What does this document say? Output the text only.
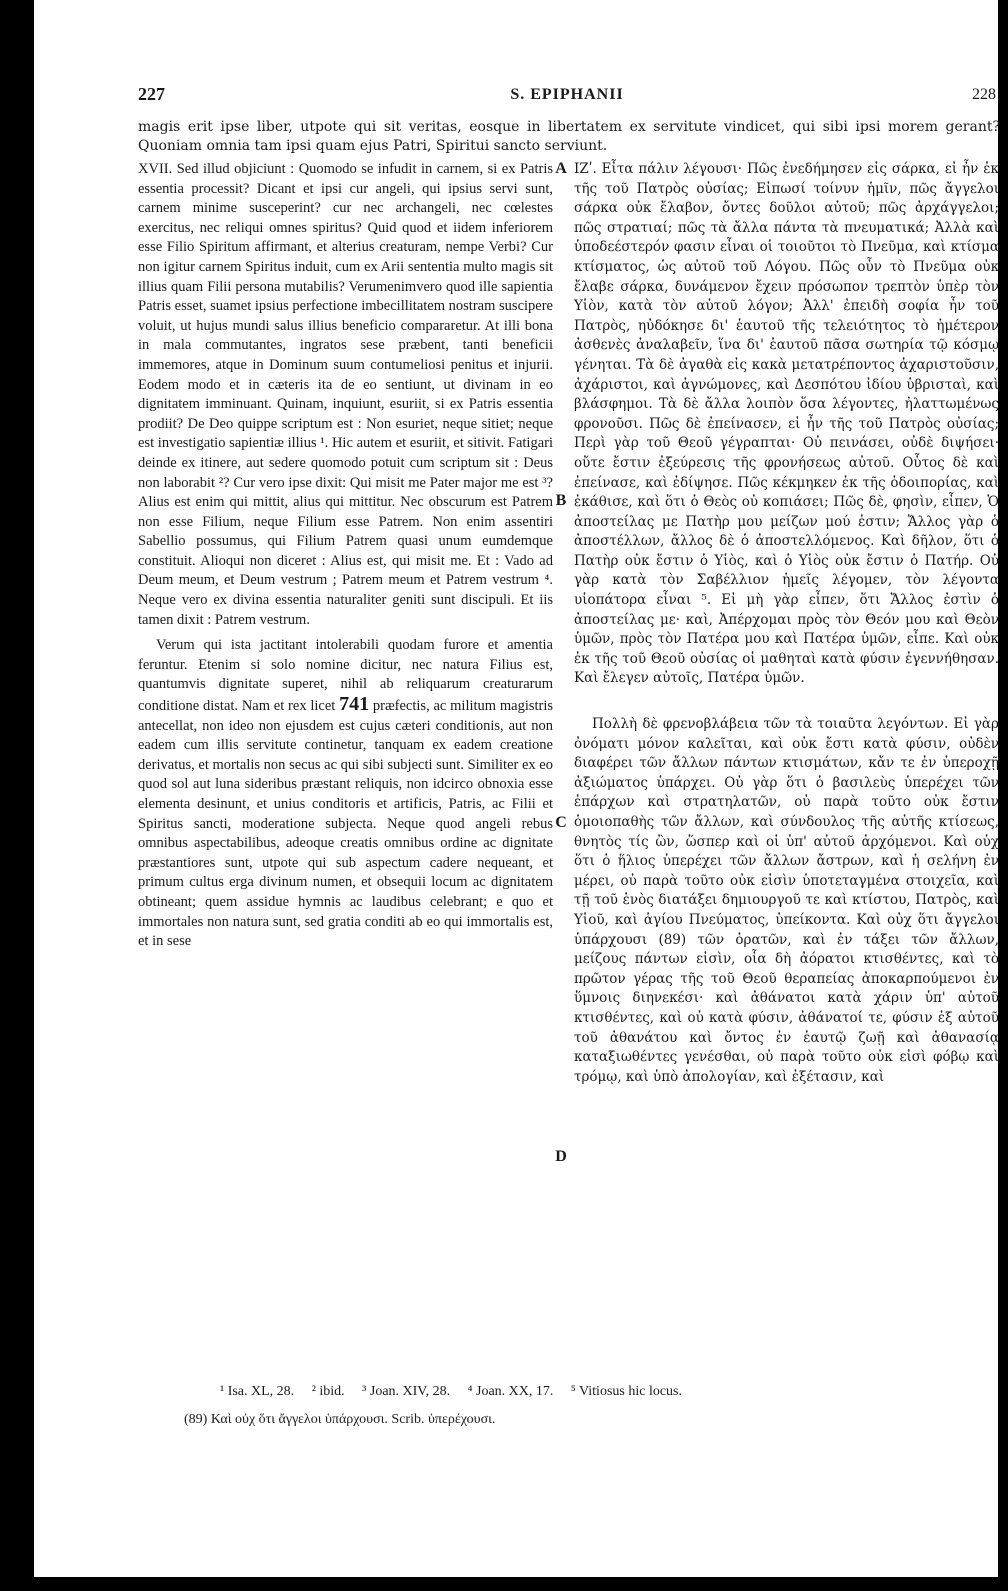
227	S. EPIPHANII	228
magis erit ipse liber, utpote qui sit veritas, eosque in libertatem ex servitute vindicet, qui sibi ipsi morem gerant? Quoniam omnia tam ipsi quam ejus Patri, Spiritui sancto serviunt.

XVII. Sed illud objiciunt : Quomodo se infudit in carnem, si ex Patris essentia processit? Dicant et ipsi cur angeli, qui ipsius servi sunt, carnem minime susceperint? cur nec archangeli, nec cœlestes exercitus, nec reliqui omnes spiritus? Quid quod et iidem inferiorem esse Filio Spiritum affirmant, et alterius creaturam, nempe Verbi? Cur non igitur carnem Spiritus induit, cum ex Arii sententia multo magis sit illius quam Filii persona mutabilis? Verumenimvero quod ille sapientia Patris esset, suamet ipsius perfectione imbecillitatem nostram suscipere voluit, ut hujus mundi salus illius beneficio compararetur. At illi bona in mala commutantes, ingratos sese præbent, tanti beneficii immemores, atque in Dominum suum contumeliosi penitus et injurii. Eodem modo et in cæteris ita de eo sentiunt, ut divinam in eo dignitatem imminuant. Quinam, inquiunt, esuriit, si ex Patris essentia prodiit? De Deo quippe scriptum est : Non esuriet, neque sitiet; neque est investigatio sapientiæ illius ¹. Hic autem et esuriit, et sitivit. Fatigari deinde ex itinere, aut sedere quomodo potuit cum scriptum sit : Deus non laborabit ²? Cur vero ipse dixit: Qui misit me Pater major me est ³? Alius est enim qui mittit, alius qui mittitur. Nec obscurum est Patrem non esse Filium, neque Filium esse Patrem. Non enim assentiri Sabellio possumus, qui Filium Patrem quasi unum eumdemque constituit. Alioqui non diceret : Alius est, qui misit me. Et : Vado ad Deum meum, et Deum vestrum ; Patrem meum et Patrem vestrum ⁴. Neque vero ex divina essentia naturaliter geniti sunt discipuli. Et iis tamen dixit : Patrem vestrum.

Verum qui ista jactitant intolerabili quodam furore et amentia feruntur. Etenim si solo nomine dicitur, nec natura Filius est, quantumvis dignitate superet, nihil ab reliquarum creaturarum conditione distat. Nam et rex licet 741 præfectis, ac militum magistris antecellat, non ideo non ejusdem est cujus cæteri conditionis, aut non eadem cum illis servitute continetur, tanquam ex eadem creatione derivatus, et mortalis non secus ac qui sibi subjecti sunt. Similiter ex eo quod sol aut luna sideribus præstant reliquis, non idcirco obnoxia esse elementa desinunt, et unius conditoris et artificis, Patris, ac Filii et Spiritus sancti, moderatione subjecta. Neque quod angeli rebus omnibus aspectabilibus, adeoque creatis omnibus ordine ac dignitate præstantiores sunt, utpote qui sub aspectum cadere nequeant, et primum cultus erga divinum numen, et obsequii locum ac dignitatem obtineant; quem assidue hymnis ac laudibus celebrant; e quo et immortales non natura sunt, sed gratia conditi ab eo qui immortalis est, et in sese

A
B
C
D

ΙΖʹ. Εἶτα πάλιν λέγουσι· Πῶς ἐνεδήμησεν εἰς σάρκα, εἰ ἦν ἐκ τῆς τοῦ Πατρὸς οὐσίας; Εἰπωσί τοίνυν ἡμῖν, πῶς ἄγγελοι σάρκα οὐκ ἔλαβον, ὄντες δοῦλοι αὐτοῦ; πῶς ἀρχάγγελοι; πῶς στρατιαί; πῶς τὰ ἄλλα πάντα τὰ πνευματικά; Ἀλλὰ καὶ ὑποδεέστερόν φασιν εἶναι οἱ τοιοῦτοι τὸ Πνεῦμα, καὶ κτίσμα κτίσματος, ὡς αὐτοῦ τοῦ Λόγου. Πῶς οὖν τὸ Πνεῦμα οὐκ ἔλαβε σάρκα, δυνάμενον ἔχειν πρόσωπον τρεπτὸν ὑπὲρ τὸν Υἱὸν, κατὰ τὸν αὐτοῦ λόγον; Ἀλλ' ἐπειδὴ σοφία ἦν τοῦ Πατρὸς, ηὐδόκησε δι' ἑαυτοῦ τῆς τελειότητος τὸ ἡμέτερον ἀσθενὲς ἀναλαβεῖν, ἵνα δι' ἑαυτοῦ πᾶσα σωτηρία τῷ κόσμῳ γένηται. Τὰ δὲ ἀγαθὰ εἰς κακὰ μετατρέποντος ἀχαριστοῦσιν, ἀχάριστοι, καὶ ἀγνώμονες, καὶ Δεσπότου ἰδίου ὑβρισταὶ, καὶ βλάσφημοι. Τὰ δὲ ἄλλα λοιπὸν ὅσα λέγοντες, ἠλαττωμένως φρονοῦσι. Πῶς δὲ ἐπείνασεν, εἰ ἦν τῆς τοῦ Πατρὸς οὐσίας; Περὶ γὰρ τοῦ Θεοῦ γέγραπται· Οὐ πεινάσει, οὐδὲ διψήσει· οὔτε ἔστιν ἐξεύρεσις τῆς φρονήσεως αὐτοῦ. Οὗτος δὲ καὶ ἐπείνασε, καὶ ἐδίψησε. Πῶς κέκμηκεν ἐκ τῆς ὁδοιπορίας, καὶ ἐκάθισε, καὶ ὅτι ὁ Θεὸς οὐ κοπιάσει; Πῶς δὲ, φησὶν, εἶπεν, Ὁ ἀποστείλας με Πατὴρ μου μείζων μού ἐστιν; Ἄλλος γὰρ ὁ ἀποστέλλων, ἄλλος δὲ ὁ ἀποστελλόμενος. Καὶ δῆλον, ὅτι ὁ Πατὴρ οὐκ ἔστιν ὁ Υἱὸς, καὶ ὁ Υἱὸς οὐκ ἔστιν ὁ Πατήρ. Οὐ γὰρ κατὰ τὸν Σαβέλλιον ἡμεῖς λέγομεν, τὸν λέγοντα υἱοπάτορα εἶναι ⁵. Εἰ μὴ γὰρ εἶπεν, ὅτι Ἄλλος ἐστὶν ὁ ἀποστείλας με· καὶ, Ἀπέρχομαι πρὸς τὸν Θεόν μου καὶ Θεὸν ὑμῶν, πρὸς τὸν Πατέρα μου καὶ Πατέρα ὑμῶν, εἶπε. Καὶ οὐκ ἐκ τῆς τοῦ Θεοῦ οὐσίας οἱ μαθηταὶ κατὰ φύσιν ἐγεννήθησαν. Καὶ ἔλεγεν αὐτοῖς, Πατέρα ὑμῶν.

Πολλὴ δὲ φρενοβλάβεια τῶν τὰ τοιαῦτα λεγόντων. Εἰ γὰρ ὀνόματι μόνον καλεῖται, καὶ οὐκ ἔστι κατὰ φύσιν, οὐδὲν διαφέρει τῶν ἄλλων πάντων κτισμάτων, κἄν τε ἐν ὑπεροχῇ ἀξιώματος ὑπάρχει. Οὐ γὰρ ὅτι ὁ βασιλεὺς ὑπερέχει τῶν ἐπάρχων καὶ στρατηλατῶν, οὐ παρὰ τοῦτο οὐκ ἔστιν ὁμοιοπαθὴς τῶν ἄλλων, καὶ σύνδουλος τῆς αὐτῆς κτίσεως, θνητὸς τίς ὢν, ὥσπερ καὶ οἱ ὑπ' αὐτοῦ ἀρχόμενοι. Καὶ οὐχ ὅτι ὁ ἥλιος ὑπερέχει τῶν ἄλλων ἄστρων, καὶ ἡ σελήνη ἐν μέρει, οὐ παρὰ τοῦτο οὐκ εἰσὶν ὑποτεταγμένα στοιχεῖα, καὶ τῇ τοῦ ἑνὸς διατάξει δημιουργοῦ τε καὶ κτίστου, Πατρὸς, καὶ Υἱοῦ, καὶ ἁγίου Πνεύματος, ὑπείκοντα. Καὶ οὐχ ὅτι ἄγγελοι ὑπάρχουσι (89) τῶν ὁρατῶν, καὶ ἐν τάξει τῶν ἄλλων, μείζους πάντων εἰσὶν, οἷα δὴ ἀόρατοι κτισθέντες, καὶ τὸ πρῶτον γέρας τῆς τοῦ Θεοῦ θεραπείας ἀποκαρπούμενοι ἐν ὕμνοις διηνεκέσι· καὶ ἀθάνατοι κατὰ χάριν ὑπ' αὐτοῦ κτισθέντες, καὶ οὐ κατὰ φύσιν, ἀθάνατοί τε, φύσιν ἐξ αὐτοῦ τοῦ ἀθανάτου καὶ ὄντος ἐν ἑαυτῷ ζωῇ καὶ ἀθανασίᾳ καταξιωθέντες γενέσθαι, οὐ παρὰ τοῦτο οὐκ εἰσὶ φόβῳ καὶ τρόμῳ, καὶ ὑπὸ ἀπολογίαν, καὶ ἐξέτασιν, καὶ

¹ Isa. XL, 28. ² ibid. ³ Joan. XIV, 28. ⁴ Joan. XX, 17. ⁵ Vitiosus hic locus.
(89) Καὶ οὐχ ὅτι ἄγγελοι ὑπάρχουσι. Scrib. ὑπερέχουσι.
